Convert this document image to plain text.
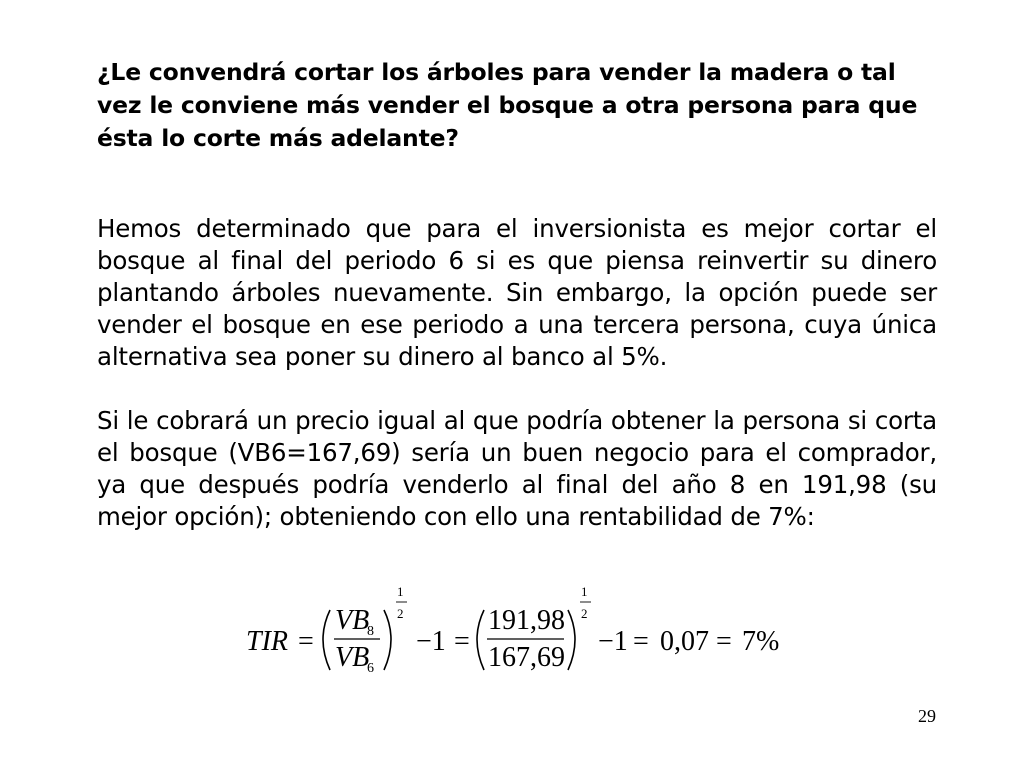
¿Le convendrá cortar los árboles para vender la madera o tal vez le conviene más vender el bosque a otra persona para que ésta lo corte más adelante?

Hemos determinado que para el inversionista es mejor cortar el bosque al final del periodo 6 si es que piensa reinvertir su dinero plantando árboles nuevamente. Sin embargo, la opción puede ser vender el bosque en ese periodo a una tercera persona, cuya única alternativa sea poner su dinero al banco al 5%.

Si le cobrará un precio igual al que podría obtener la persona si corta el bosque (VB6=167,69) sería un buen negocio para el comprador, ya que después podría venderlo al final del año 8 en 191,98 (su mejor opción); obteniendo con ello una rentabilidad de 7%:

TIR =
VB
8
VB
6
1
2
−1 =
191,98
167,69
1
2
−1 = 0,07 = 7%
29
